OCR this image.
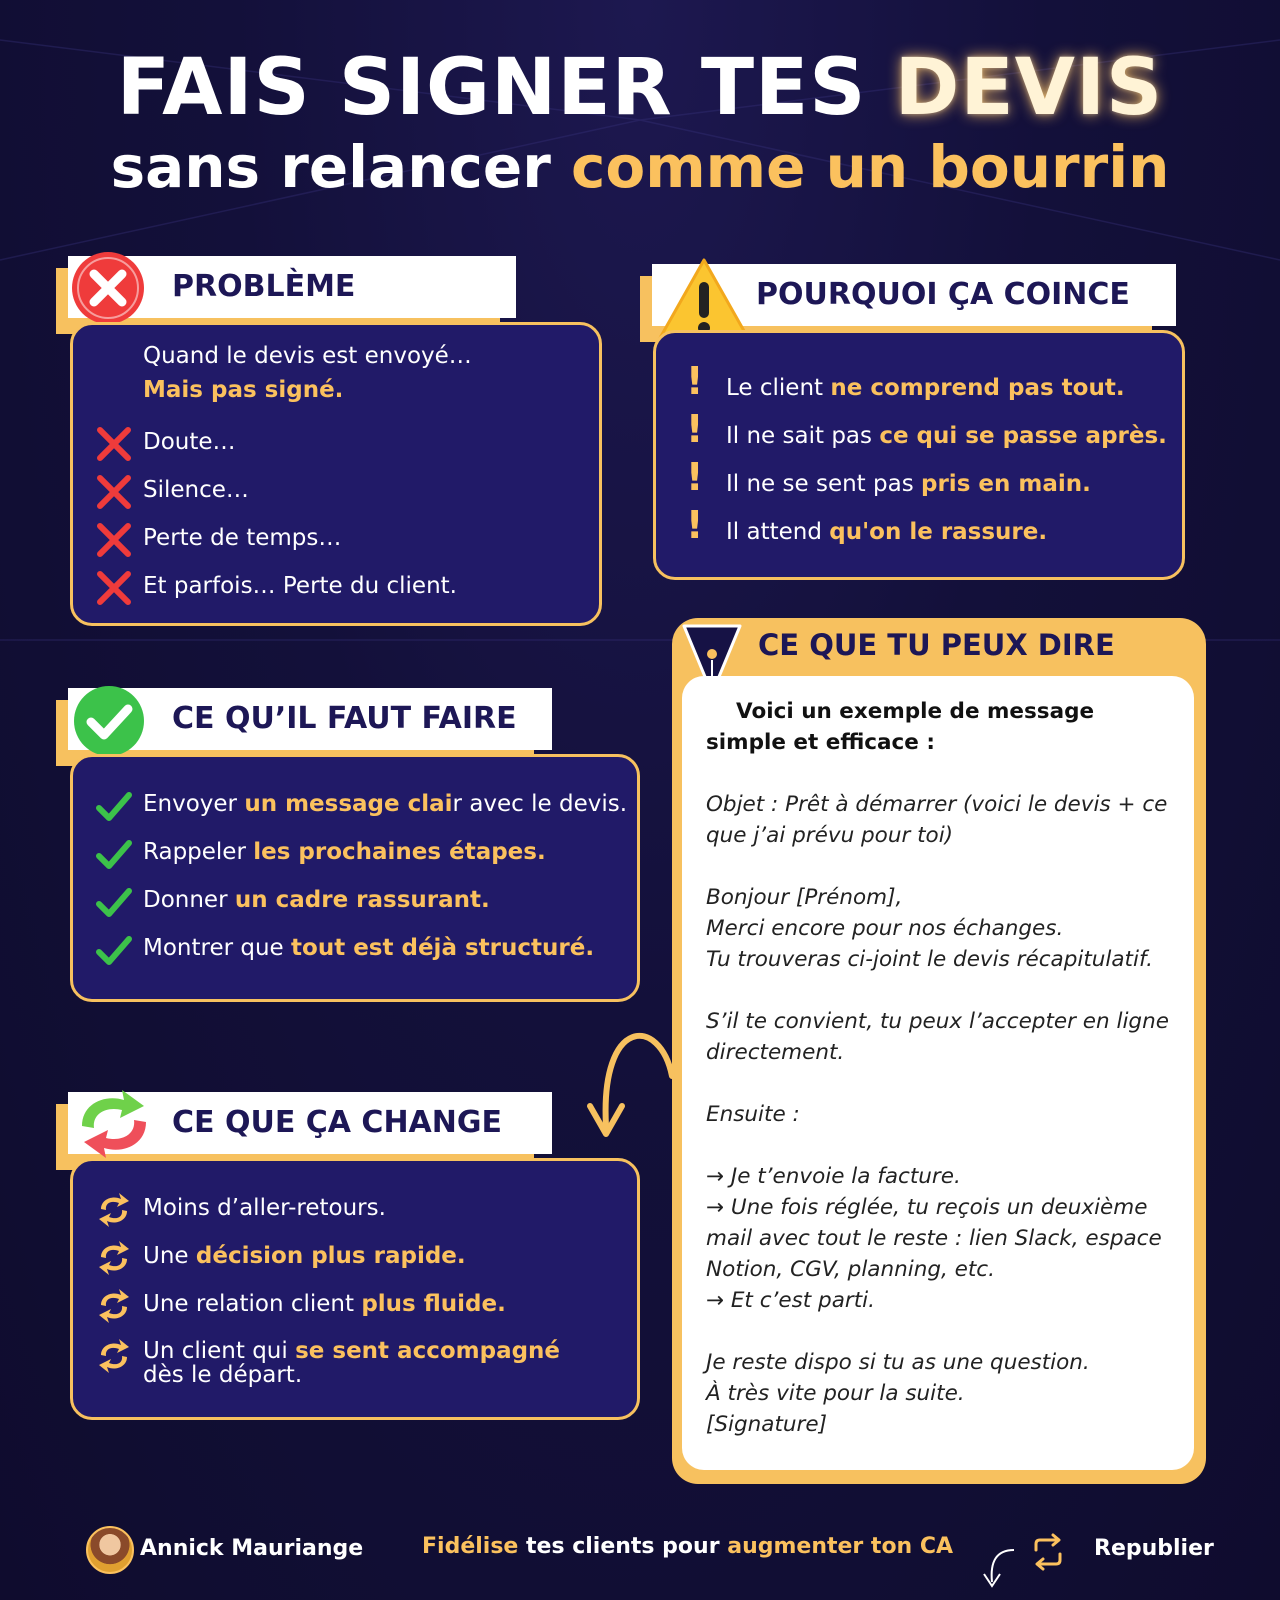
FAIS SIGNER TES DEVIS
sans relancer comme un bourrin
PROBLÈME
Quand le devis est envoyé…
Mais pas signé.
Doute…
Silence…
Perte de temps…
Et parfois… Perte du client.
POURQUOI ÇA COINCE
! Le client ne comprend pas tout.
! Il ne sait pas ce qui se passe après.
! Il ne se sent pas pris en main.
! Il attend qu'on le rassure.
CE QUE TU PEUX DIRE
Voici un exemple de message simple et efficace :

Objet : Prêt à démarrer (voici le devis + ce que j’ai prévu pour toi)

Bonjour [Prénom],
Merci encore pour nos échanges.
Tu trouveras ci-joint le devis récapitulatif.

S’il te convient, tu peux l’accepter en ligne directement.

Ensuite :

→ Je t’envoie la facture.
→ Une fois réglée, tu reçois un deuxième mail avec tout le reste : lien Slack, espace Notion, CGV, planning, etc.
→ Et c’est parti.

Je reste dispo si tu as une question.
À très vite pour la suite.
[Signature]

CE QU’IL FAUT FAIRE
Envoyer un message clair avec le devis.
Rappeler les prochaines étapes.
Donner un cadre rassurant.
Montrer que tout est déjà structuré.
CE QUE ÇA CHANGE
Moins d’aller-retours.
Une décision plus rapide.
Une relation client plus fluide.
Un client qui se sent accompagné
dès le départ.
Annick Mauriange	Fidélise tes clients pour augmenter ton CA	Republier
